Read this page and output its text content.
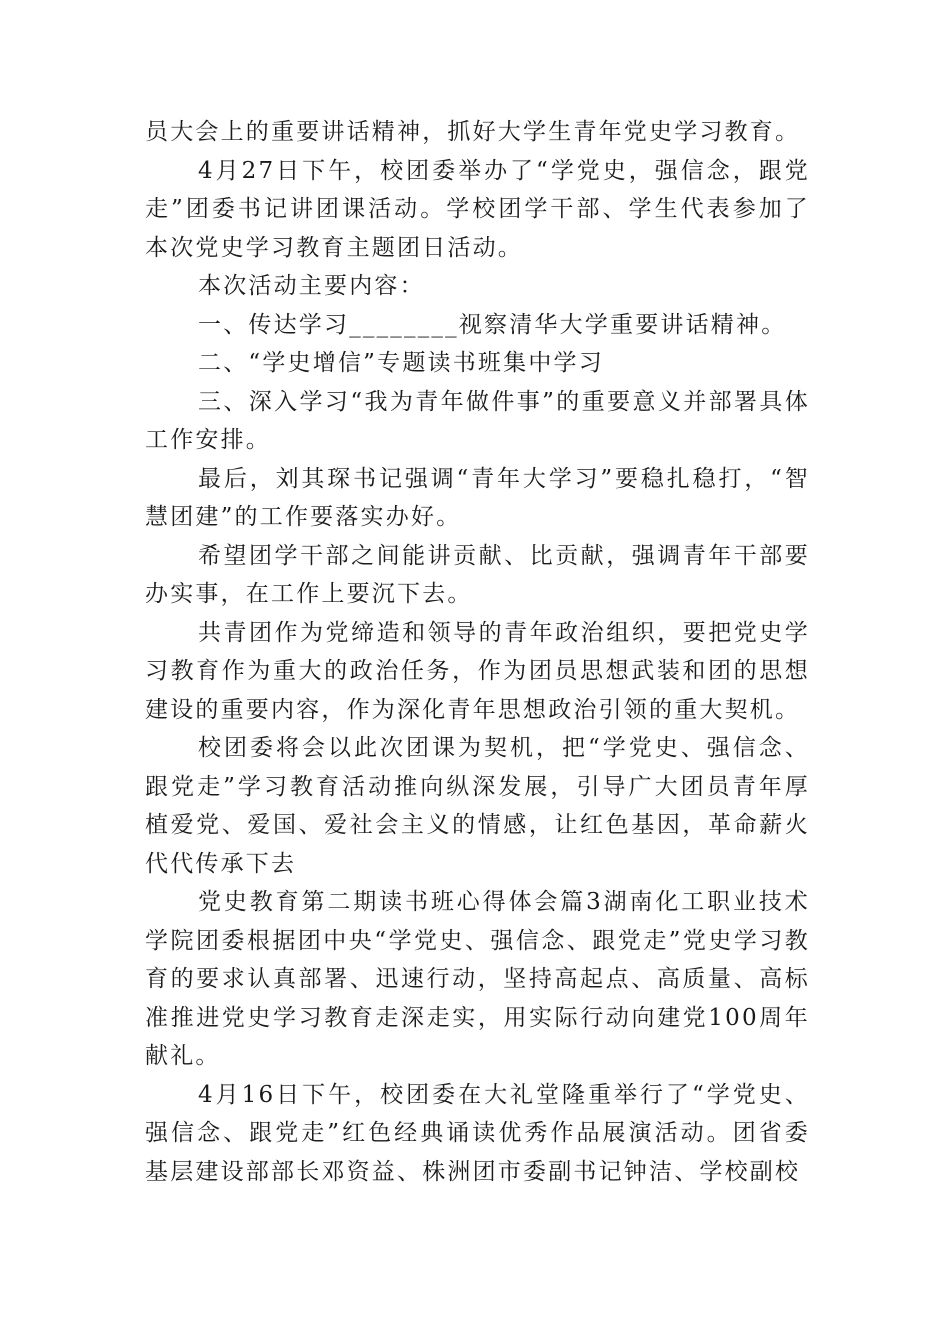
员大会上的重要讲话精神，抓好大学生青年党史学习教育。

4月27日下午，校团委举办了“学党史，强信念，跟党走”团委书记讲团课活动。学校团学干部、学生代表参加了本次党史学习教育主题团日活动。

本次活动主要内容：

一、传达学习________视察清华大学重要讲话精神。

二、“学史增信”专题读书班集中学习

三、深入学习“我为青年做件事”的重要意义并部署具体工作安排。

最后，刘其琛书记强调“青年大学习”要稳扎稳打，“智慧团建”的工作要落实办好。

希望团学干部之间能讲贡献、比贡献，强调青年干部要办实事，在工作上要沉下去。

共青团作为党缔造和领导的青年政治组织，要把党史学习教育作为重大的政治任务，作为团员思想武装和团的思想建设的重要内容，作为深化青年思想政治引领的重大契机。

校团委将会以此次团课为契机，把“学党史、强信念、跟党走”学习教育活动推向纵深发展，引导广大团员青年厚植爱党、爱国、爱社会主义的情感，让红色基因，革命薪火代代传承下去

党史教育第二期读书班心得体会篇3湖南化工职业技术学院团委根据团中央“学党史、强信念、跟党走”党史学习教育的要求认真部署、迅速行动，坚持高起点、高质量、高标准推进党史学习教育走深走实，用实际行动向建党100周年献礼。

4月16日下午，校团委在大礼堂隆重举行了“学党史、强信念、跟党走”红色经典诵读优秀作品展演活动。团省委基层建设部部长邓资益、株洲团市委副书记钟洁、学校副校
